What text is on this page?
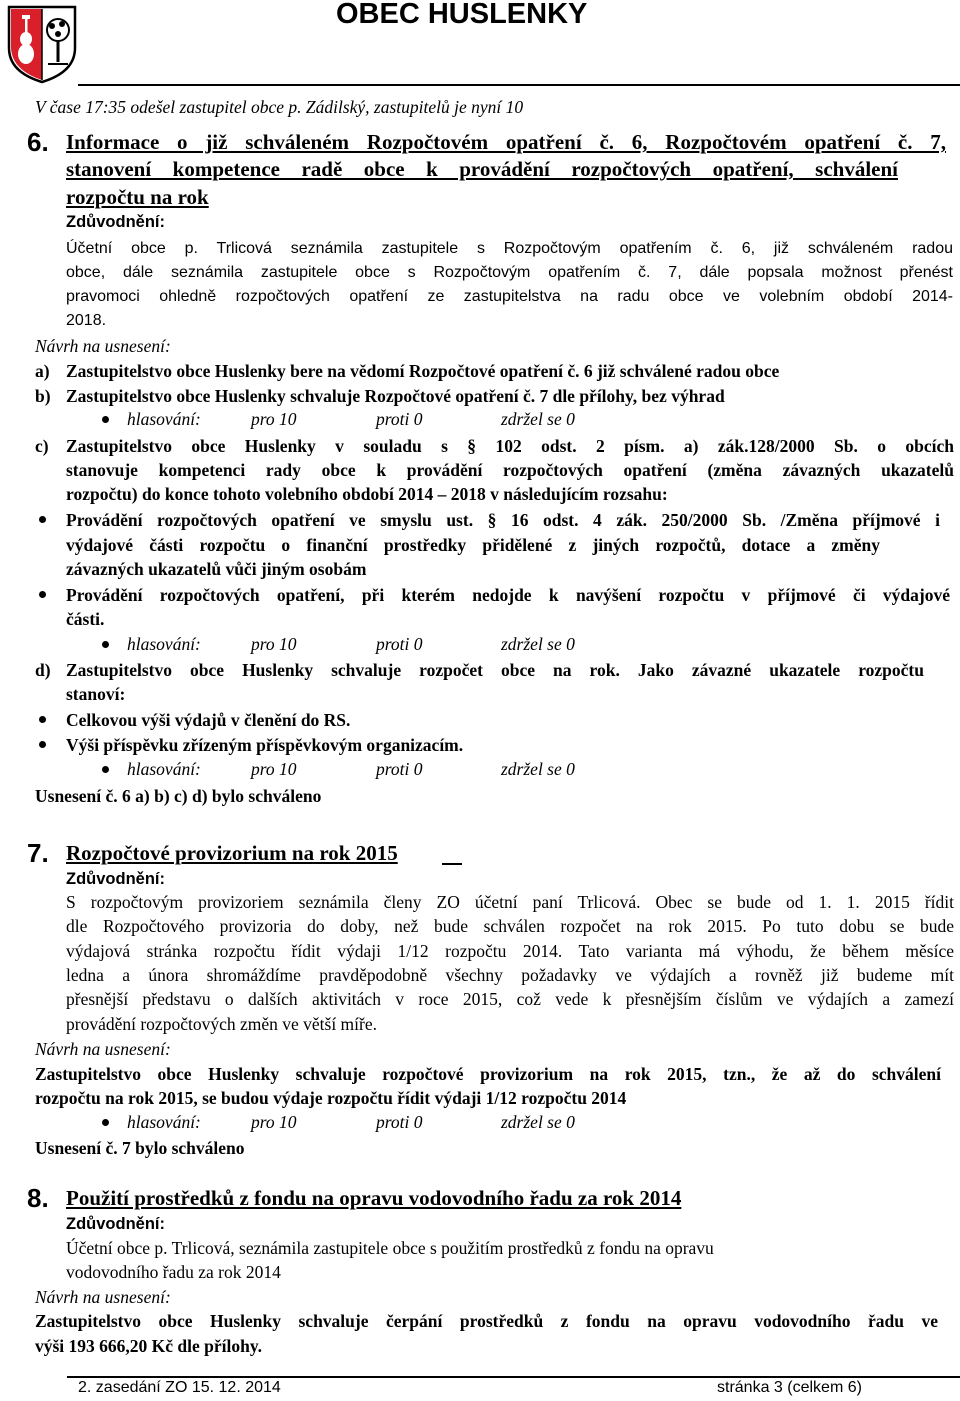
OBEC HUSLENKY
V čase 17:35 odešel zastupitel obce p. Zádilský, zastupitelů je nyní 10
6. Informace o již schváleném Rozpočtovém opatření č. 6, Rozpočtovém opatření č. 7,
stanovení kompetence radě obce k provádění rozpočtových opatření, schválení
rozpočtu na rok
Zdůvodnění:
Účetní obce p. Trlicová seznámila zastupitele s Rozpočtovým opatřením č. 6, již schváleném radou
obce, dále seznámila zastupitele obce s Rozpočtovým opatřením č. 7, dále popsala možnost přenést
pravomoci ohledně rozpočtových opatření ze zastupitelstva na radu obce ve volebním období 2014-
2018.
Návrh na usnesení:
a) Zastupitelstvo obce Huslenky bere na vědomí Rozpočtové opatření č. 6 již schválené radou obce
b) Zastupitelstvo obce Huslenky schvaluje Rozpočtové opatření č. 7 dle přílohy, bez výhrad
hlasování:	pro 10	proti 0	zdržel se 0
c) Zastupitelstvo obce Huslenky v souladu s § 102 odst. 2 písm. a) zák.128/2000 Sb. o obcích
stanovuje kompetenci rady obce k provádění rozpočtových opatření (změna závazných ukazatelů
rozpočtu) do konce tohoto volebního období 2014 – 2018 v následujícím rozsahu:
Provádění rozpočtových opatření ve smyslu ust. § 16 odst. 4 zák. 250/2000 Sb. /Změna příjmové i
výdajové části rozpočtu o finanční prostředky přidělené z jiných rozpočtů, dotace a změny
závazných ukazatelů vůči jiným osobám
Provádění rozpočtových opatření, při kterém nedojde k navýšení rozpočtu v příjmové či výdajové
části.
hlasování:	pro 10	proti 0	zdržel se 0
d) Zastupitelstvo obce Huslenky schvaluje rozpočet obce na rok. Jako závazné ukazatele rozpočtu
stanoví:
Celkovou výši výdajů v členění do RS.
Výši příspěvku zřízeným příspěvkovým organizacím.
hlasování:	pro 10	proti 0	zdržel se 0
Usnesení č. 6 a) b) c) d) bylo schváleno
7. Rozpočtové provizorium na rok 2015
Zdůvodnění:
S rozpočtovým provizoriem seznámila členy ZO účetní paní Trlicová. Obec se bude od 1. 1. 2015 řídit
dle Rozpočtového provizoria do doby, než bude schválen rozpočet na rok 2015. Po tuto dobu se bude
výdajová stránka rozpočtu řídit výdaji 1/12 rozpočtu 2014. Tato varianta má výhodu, že během měsíce
ledna a února shromáždíme pravděpodobně všechny požadavky ve výdajích a rovněž již budeme mít
přesnější představu o dalších aktivitách v roce 2015, což vede k přesnějším číslům ve výdajích a zamezí
provádění rozpočtových změn ve větší míře.
Návrh na usnesení:
Zastupitelstvo obce Huslenky schvaluje rozpočtové provizorium na rok 2015, tzn., že až do schválení
rozpočtu na rok 2015, se budou výdaje rozpočtu řídit výdaji 1/12 rozpočtu 2014
hlasování:	pro 10	proti 0	zdržel se 0
Usnesení č. 7 bylo schváleno
8. Použití prostředků z fondu na opravu vodovodního řadu za rok 2014
Zdůvodnění:
Účetní obce p. Trlicová, seznámila zastupitele obce s použitím prostředků z fondu na opravu
vodovodního řadu za rok 2014
Návrh na usnesení:
Zastupitelstvo obce Huslenky schvaluje čerpání prostředků z fondu na opravu vodovodního řadu ve
výši 193 666,20 Kč dle přílohy.
2. zasedání ZO 15. 12. 2014	stránka 3 (celkem 6)
